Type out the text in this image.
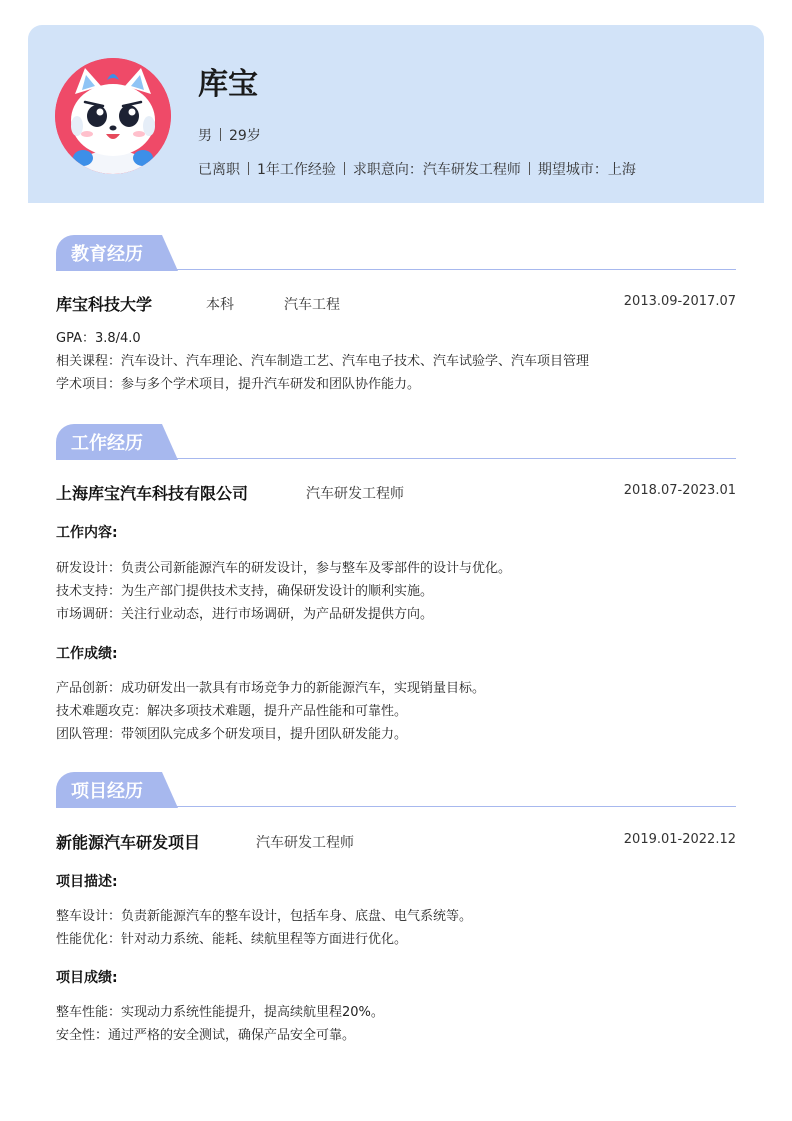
库宝
男 29岁
已离职 1年工作经验 求职意向：汽车研发工程师 期望城市：上海
教育经历
库宝科技大学	本科	汽车工程	2013.09-2017.07
GPA：3.8/4.0
相关课程：汽车设计、汽车理论、汽车制造工艺、汽车电子技术、汽车试验学、汽车项目管理
学术项目：参与多个学术项目，提升汽车研发和团队协作能力。
工作经历
上海库宝汽车科技有限公司	汽车研发工程师	2018.07-2023.01
工作内容:
研发设计：负责公司新能源汽车的研发设计，参与整车及零部件的设计与优化。
技术支持：为生产部门提供技术支持，确保研发设计的顺利实施。
市场调研：关注行业动态，进行市场调研，为产品研发提供方向。
工作成绩:
产品创新：成功研发出一款具有市场竞争力的新能源汽车，实现销量目标。
技术难题攻克：解决多项技术难题，提升产品性能和可靠性。
团队管理：带领团队完成多个研发项目，提升团队研发能力。
项目经历
新能源汽车研发项目	汽车研发工程师	2019.01-2022.12
项目描述:
整车设计：负责新能源汽车的整车设计，包括车身、底盘、电气系统等。
性能优化：针对动力系统、能耗、续航里程等方面进行优化。
项目成绩:
整车性能：实现动力系统性能提升，提高续航里程20%。
安全性：通过严格的安全测试，确保产品安全可靠。
